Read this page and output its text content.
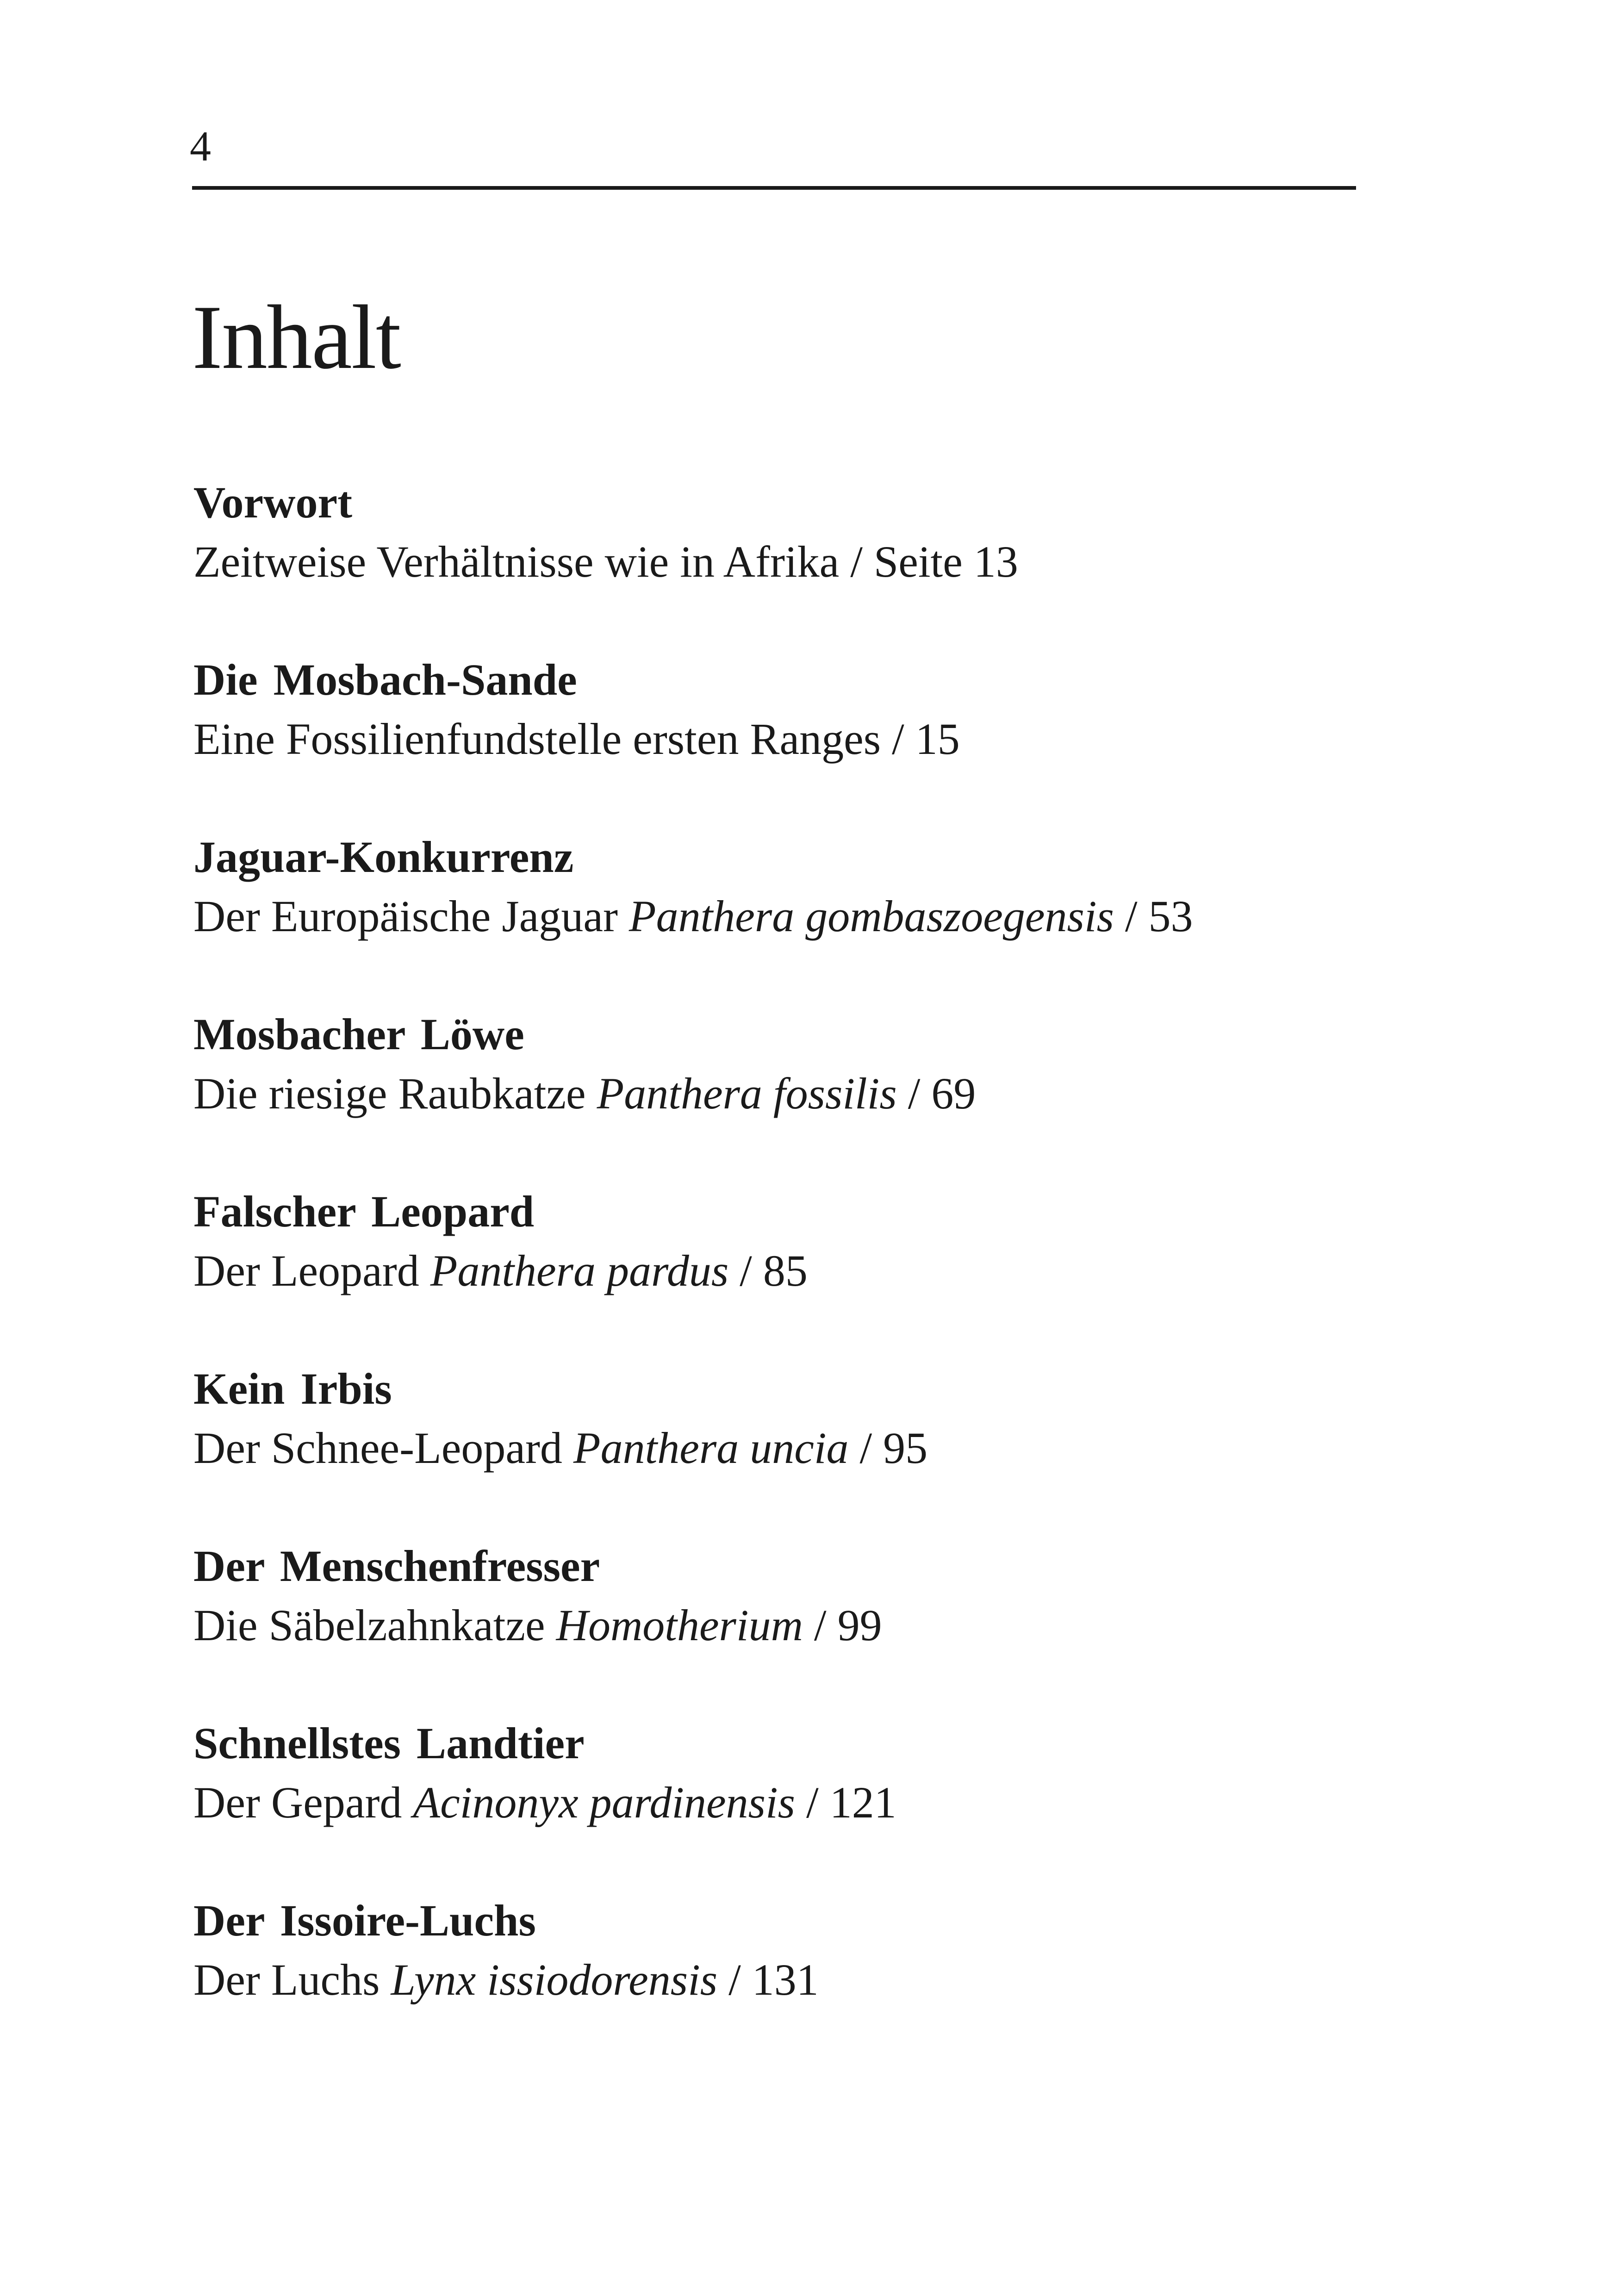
4
Inhalt
Vorwort
Zeitweise Verhältnisse wie in Afrika / Seite 13
Die Mosbach-Sande
Eine Fossilienfundstelle ersten Ranges / 15
Jaguar-Konkurrenz
Der Europäische Jaguar Panthera gombaszoegensis / 53
Mosbacher Löwe
Die riesige Raubkatze Panthera fossilis / 69
Falscher Leopard
Der Leopard Panthera pardus / 85
Kein Irbis
Der Schnee-Leopard Panthera uncia / 95
Der Menschenfresser
Die Säbelzahnkatze Homotherium / 99
Schnellstes Landtier
Der Gepard Acinonyx pardinensis / 121
Der Issoire-Luchs
Der Luchs Lynx issiodorensis / 131
